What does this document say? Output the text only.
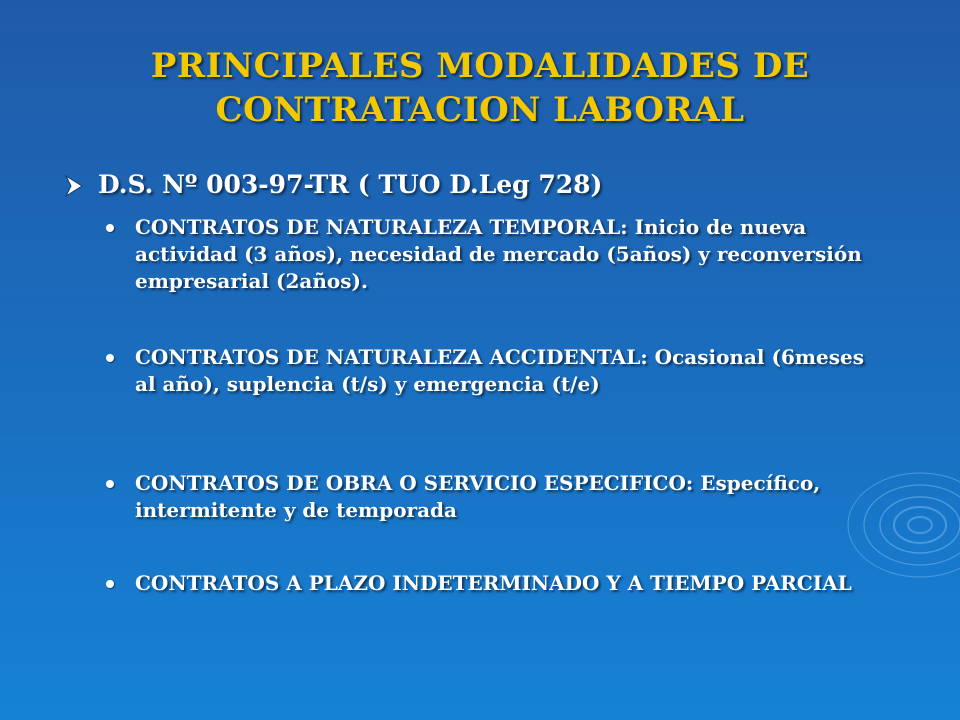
PRINCIPALES MODALIDADES DE
CONTRATACION LABORAL
D.S. Nº 003-97-TR ( TUO D.Leg 728)
CONTRATOS DE NATURALEZA TEMPORAL: Inicio de nueva actividad (3 años), necesidad de mercado (5años) y reconversión empresarial (2años).
CONTRATOS DE NATURALEZA ACCIDENTAL: Ocasional (6meses al año), suplencia (t/s) y emergencia (t/e)
CONTRATOS DE OBRA O SERVICIO ESPECIFICO: Específico, intermitente y de temporada
CONTRATOS A PLAZO INDETERMINADO Y A TIEMPO PARCIAL
